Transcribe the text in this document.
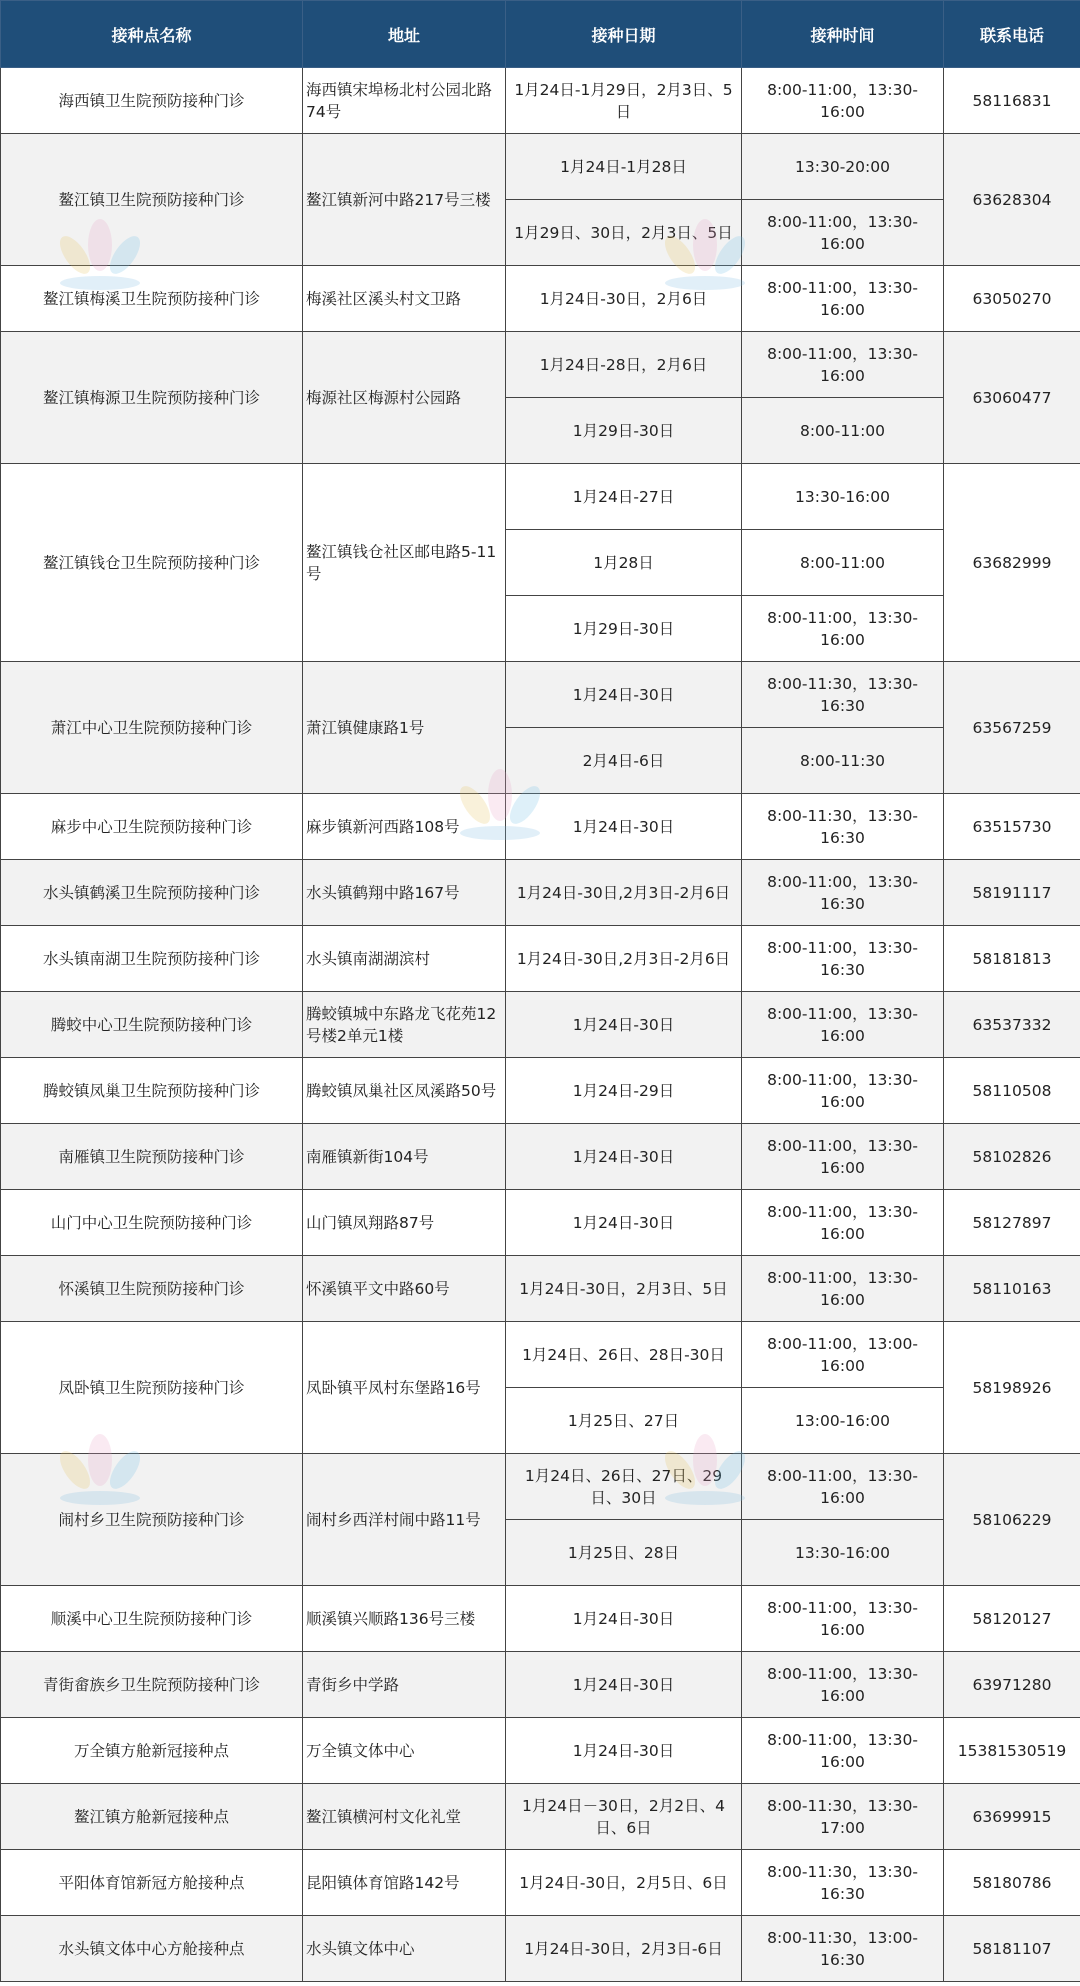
接种点名称	地址	接种日期	接种时间	联系电话
海西镇卫生院预防接种门诊	海西镇宋埠杨北村公园北路74号	1月24日-1月29日，2月3日、5日	8:00-11:00，13:30-16:00	58116831
鳌江镇卫生院预防接种门诊	鳌江镇新河中路217号三楼	1月24日-1月28日	13:30-20:00	63628304
		1月29日、30日，2月3日、5日	8:00-11:00，13:30-16:00	
鳌江镇梅溪卫生院预防接种门诊	梅溪社区溪头村文卫路	1月24日-30日，2月6日	8:00-11:00，13:30-16:00	63050270
鳌江镇梅源卫生院预防接种门诊	梅源社区梅源村公园路	1月24日-28日，2月6日	8:00-11:00，13:30-16:00	63060477
		1月29日-30日	8:00-11:00	
鳌江镇钱仓卫生院预防接种门诊	鳌江镇钱仓社区邮电路5-11号	1月24日-27日	13:30-16:00	63682999
		1月28日	8:00-11:00	
		1月29日-30日	8:00-11:00，13:30-16:00	
萧江中心卫生院预防接种门诊	萧江镇健康路1号	1月24日-30日	8:00-11:30，13:30-16:30	63567259
		2月4日-6日	8:00-11:30	
麻步中心卫生院预防接种门诊	麻步镇新河西路108号	1月24日-30日	8:00-11:30，13:30-16:30	63515730
水头镇鹤溪卫生院预防接种门诊	水头镇鹤翔中路167号	1月24日-30日,2月3日-2月6日	8:00-11:00，13:30-16:30	58191117
水头镇南湖卫生院预防接种门诊	水头镇南湖湖滨村	1月24日-30日,2月3日-2月6日	8:00-11:00，13:30-16:30	58181813
腾蛟中心卫生院预防接种门诊	腾蛟镇城中东路龙飞花苑12号楼2单元1楼	1月24日-30日	8:00-11:00，13:30-16:00	63537332
腾蛟镇凤巢卫生院预防接种门诊	腾蛟镇凤巢社区凤溪路50号	1月24日-29日	8:00-11:00，13:30-16:00	58110508
南雁镇卫生院预防接种门诊	南雁镇新街104号	1月24日-30日	8:00-11:00，13:30-16:00	58102826
山门中心卫生院预防接种门诊	山门镇凤翔路87号	1月24日-30日	8:00-11:00，13:30-16:00	58127897
怀溪镇卫生院预防接种门诊	怀溪镇平文中路60号	1月24日-30日，2月3日、5日	8:00-11:00，13:30-16:00	58110163
凤卧镇卫生院预防接种门诊	凤卧镇平凤村东堡路16号	1月24日、26日、28日-30日	8:00-11:00，13:00-16:00	58198926
		1月25日、27日	13:00-16:00	
闹村乡卫生院预防接种门诊	闹村乡西洋村闹中路11号	1月24日、26日、27日、29日、30日	8:00-11:00，13:30-16:00	58106229
		1月25日、28日	13:30-16:00	
顺溪中心卫生院预防接种门诊	顺溪镇兴顺路136号三楼	1月24日-30日	8:00-11:00，13:30-16:00	58120127
青街畲族乡卫生院预防接种门诊	青街乡中学路	1月24日-30日	8:00-11:00，13:30-16:00	63971280
万全镇方舱新冠接种点	万全镇文体中心	1月24日-30日	8:00-11:00，13:30-16:00	15381530519
鳌江镇方舱新冠接种点	鳌江镇横河村文化礼堂	1月24日－30日，2月2日、4日、6日	8:00-11:30，13:30-17:00	63699915
平阳体育馆新冠方舱接种点	昆阳镇体育馆路142号	1月24日-30日，2月5日、6日	8:00-11:30，13:30-16:30	58180786
水头镇文体中心方舱接种点	水头镇文体中心	1月24日-30日，2月3日-6日	8:00-11:30，13:00-16:30	58181107
